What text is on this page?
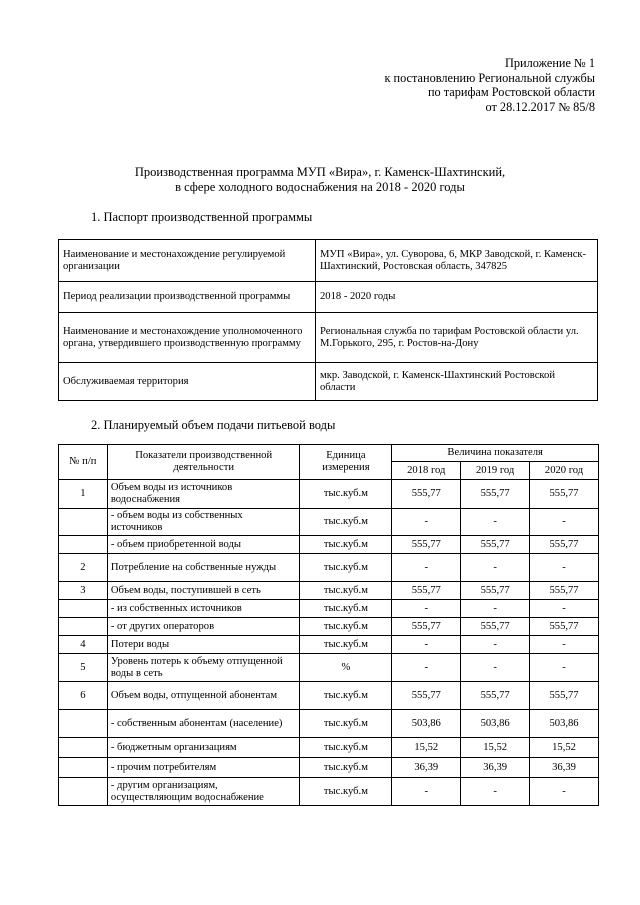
Приложение № 1
к постановлению Региональной службы
по тарифам Ростовской области
от 28.12.2017 № 85/8
Производственная программа МУП «Вира», г. Каменск-Шахтинский,
в сфере холодного водоснабжения на 2018 - 2020 годы
1. Паспорт производственной программы
Наименование и местонахождение регулируемой организации	МУП «Вира», ул. Суворова, 6, МКР Заводской, г. Каменск-Шахтинский, Ростовская область, 347825
Период реализации производственной программы	2018 - 2020 годы
Наименование и местонахождение уполномоченного органа, утвердившего производственную программу	Региональная служба по тарифам Ростовской области ул. М.Горького, 295, г. Ростов-на-Дону
Обслуживаемая территория	мкр. Заводской, г. Каменск-Шахтинский Ростовской области
2. Планируемый объем подачи питьевой воды
№ п/п	Показатели производственной деятельности	Единица измерения	Величина показателя		
			2018 год	2019 год	2020 год
1	Объем воды из источников водоснабжения	тыс.куб.м	555,77	555,77	555,77
	- объем воды из собственных источников	тыс.куб.м	-	-	-
	- объем приобретенной воды	тыс.куб.м	555,77	555,77	555,77
2	Потребление на собственные нужды	тыс.куб.м	-	-	-
3	Объем воды, поступившей в сеть	тыс.куб.м	555,77	555,77	555,77
	- из собственных источников	тыс.куб.м	-	-	-
	- от других операторов	тыс.куб.м	555,77	555,77	555,77
4	Потери воды	тыс.куб.м	-	-	-
5	Уровень потерь к объему отпущенной воды в сеть	%	-	-	-
6	Объем воды, отпущенной абонентам	тыс.куб.м	555,77	555,77	555,77
	- собственным абонентам (население)	тыс.куб.м	503,86	503,86	503,86
	- бюджетным организациям	тыс.куб.м	15,52	15,52	15,52
	- прочим потребителям	тыс.куб.м	36,39	36,39	36,39
	- другим организациям, осуществляющим водоснабжение	тыс.куб.м	-	-	-
